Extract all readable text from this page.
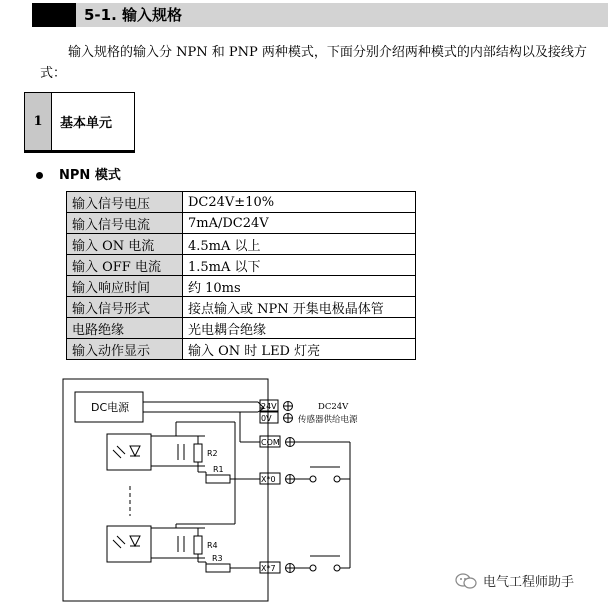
5-1. 输入规格
输入规格的输入分 NPN 和 PNP 两种模式，下面分别介绍两种模式的内部结构以及接线方式：
1	基本单元
NPN 模式
输入信号电压	DC24V±10%
输入信号电流	7mA/DC24V
输入 ON 电流	4.5mA 以上
输入 OFF 电流	1.5mA 以下
输入响应时间	约 10ms
输入信号形式	接点输入或 NPN 开集电极晶体管
电路绝缘	光电耦合绝缘
输入动作显示	输入 ON 时 LED 灯亮
DC电源	24V
0V
COM
X*0
X*7
DC24V
传感器供给电源
R2
R1
R4
R3
电气工程师助手
